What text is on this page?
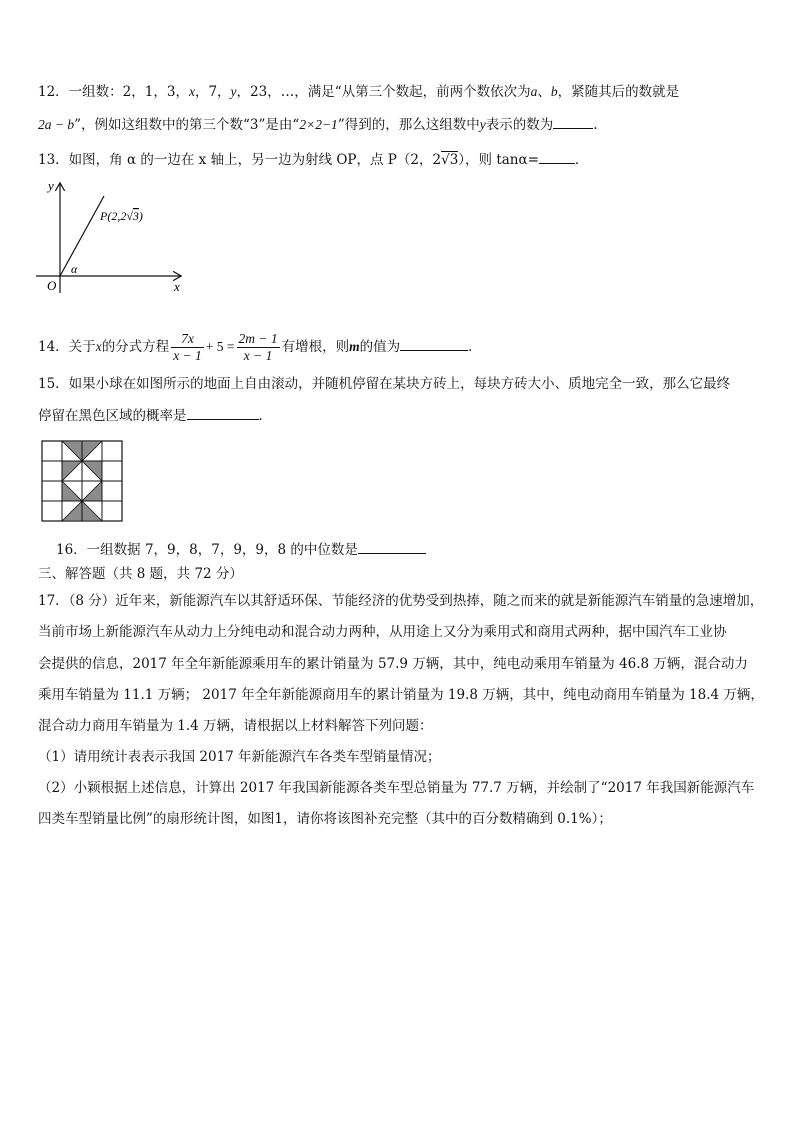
12．一组数：2，1，3，x，7，y，23，…，满足“从第三个数起，前两个数依次为a、b，紧随其后的数就是
2a − b”，例如这组数中的第三个数“3”是由“2×2−1”得到的，那么这组数中y表示的数为	.
13．如图，角 α 的一边在 x 轴上，另一边为射线 OP，点 P（2，2√3），则 tanα=	．
y
x
O
α
P(2,2√3)
14．关于x的分式方程 $\frac{7x}{x - 1} + 5 = \frac{2m - 1}{x - 1}$ 有增根，则m的值为	．
15．如果小球在如图所示的地面上自由滚动，并随机停留在某块方砖上，每块方砖大小、质地完全一致，那么它最终
停留在黑色区域的概率是	．
16．一组数据 7，9，8，7，9，9，8 的中位数是
三、解答题（共 8 题，共 72 分）
17．（8 分）近年来，新能源汽车以其舒适环保、节能经济的优势受到热捧，随之而来的就是新能源汽车销量的急速增加，
当前市场上新能源汽车从动力上分纯电动和混合动力两种，从用途上又分为乘用式和商用式两种，据中国汽车工业协
会提供的信息，2017 年全年新能源乘用车的累计销量为 57.9 万辆，其中，纯电动乘用车销量为 46.8 万辆，混合动力
乘用车销量为 11.1 万辆； 2017 年全年新能源商用车的累计销量为 19.8 万辆，其中，纯电动商用车销量为 18.4 万辆，
混合动力商用车销量为 1.4 万辆，请根据以上材料解答下列问题：
（1）请用统计表表示我国 2017 年新能源汽车各类车型销量情况；
（2）小颖根据上述信息，计算出 2017 年我国新能源各类车型总销量为 77.7 万辆，并绘制了“2017 年我国新能源汽车
四类车型销量比例”的扇形统计图，如图1，请你将该图补充完整（其中的百分数精确到 0.1%）；
